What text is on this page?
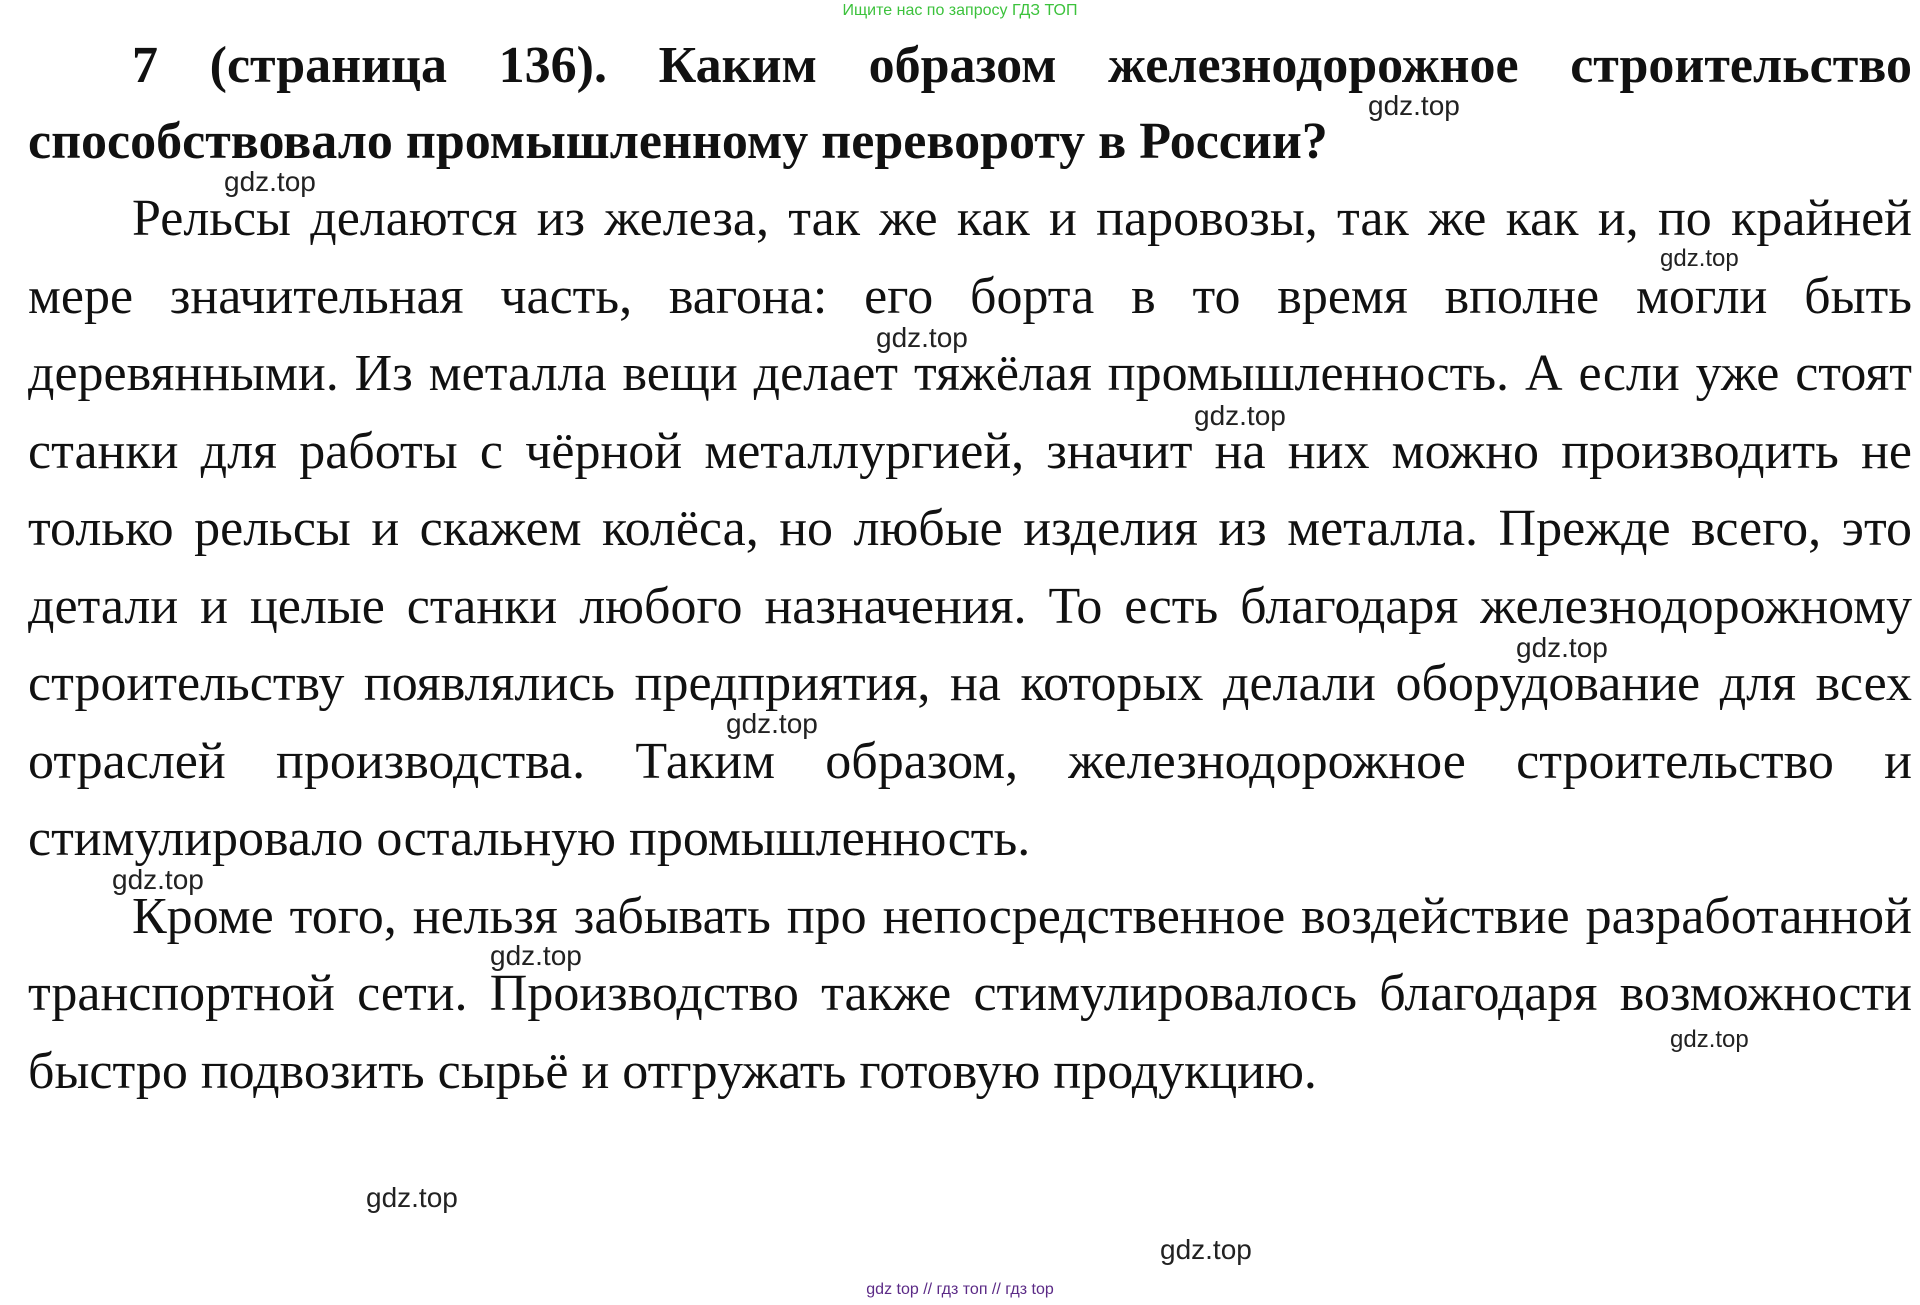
Ищите нас по запросу ГДЗ ТОП

7 (страница 136). Каким образом железнодорожное строительство способствовало промышленному перевороту в России?

Рельсы делаются из железа, так же как и паровозы, так же как и, по крайней мере значительная часть, вагона: его борта в то время вполне могли быть деревянными. Из металла вещи делает тяжёлая промышленность. А если уже стоят станки для работы с чёрной металлургией, значит на них можно производить не только рельсы и скажем колёса, но любые изделия из металла. Прежде всего, это детали и целые станки любого назначения. То есть благодаря железнодорожному строительству появлялись предприятия, на которых делали оборудование для всех отраслей производства. Таким образом, железнодорожное строительство и стимулировало остальную промышленность.

Кроме того, нельзя забывать про непосредственное воздействие разработанной транспортной сети. Производство также стимулировалось благодаря возможности быстро подвозить сырьё и отгружать готовую продукцию.

gdz.top
gdz.top
gdz.top
gdz.top
gdz.top
gdz.top
gdz.top
gdz.top
gdz.top
gdz.top
gdz.top
gdz.top
gdz top // гдз топ // гдз top
